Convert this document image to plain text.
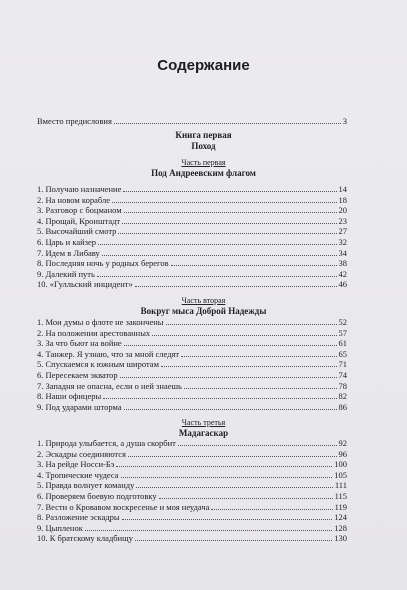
Содержание
Вместо предисловия	3
Книга первая
Поход
Часть первая
Под Андреевским флагом
1. Получаю назначение	14
2. На новом корабле	18
3. Разговор с боцманом	20
4. Прощай, Кронштадт	23
5. Высочайший смотр	27
6. Царь и кайзер	32
7. Идем в Либаву	34
8. Последняя ночь у родных берегов	38
9. Далекий путь	42
10. «Гулльский инцидент»	46
Часть вторая
Вокруг мыса Доброй Надежды
1. Мои думы о флоте не закончены	52
2. На положении арестованных	57
3. За что бьют на войне	61
4. Танжер. Я узнаю, что за мной следят	65
5. Спускаемся к южным широтам	71
6. Пересекаем экватор	74
7. Западня не опасна, если о ней знаешь	78
8. Наши офицеры	82
9. Под ударами шторма	86
Часть третья
Мадагаскар
1. Природа улыбается, а душа скорбит	92
2. Эскадры соединяются	96
3. На рейде Носси-Бэ	100
4. Тропические чудеса	105
5. Правда волнует команду	111
6. Проверяем боевую подготовку	115
7. Вести о Кровавом воскресенье и моя неудача	119
8. Разложение эскадры	124
9. Цыпленок	128
10. К братскому кладбищу	130
